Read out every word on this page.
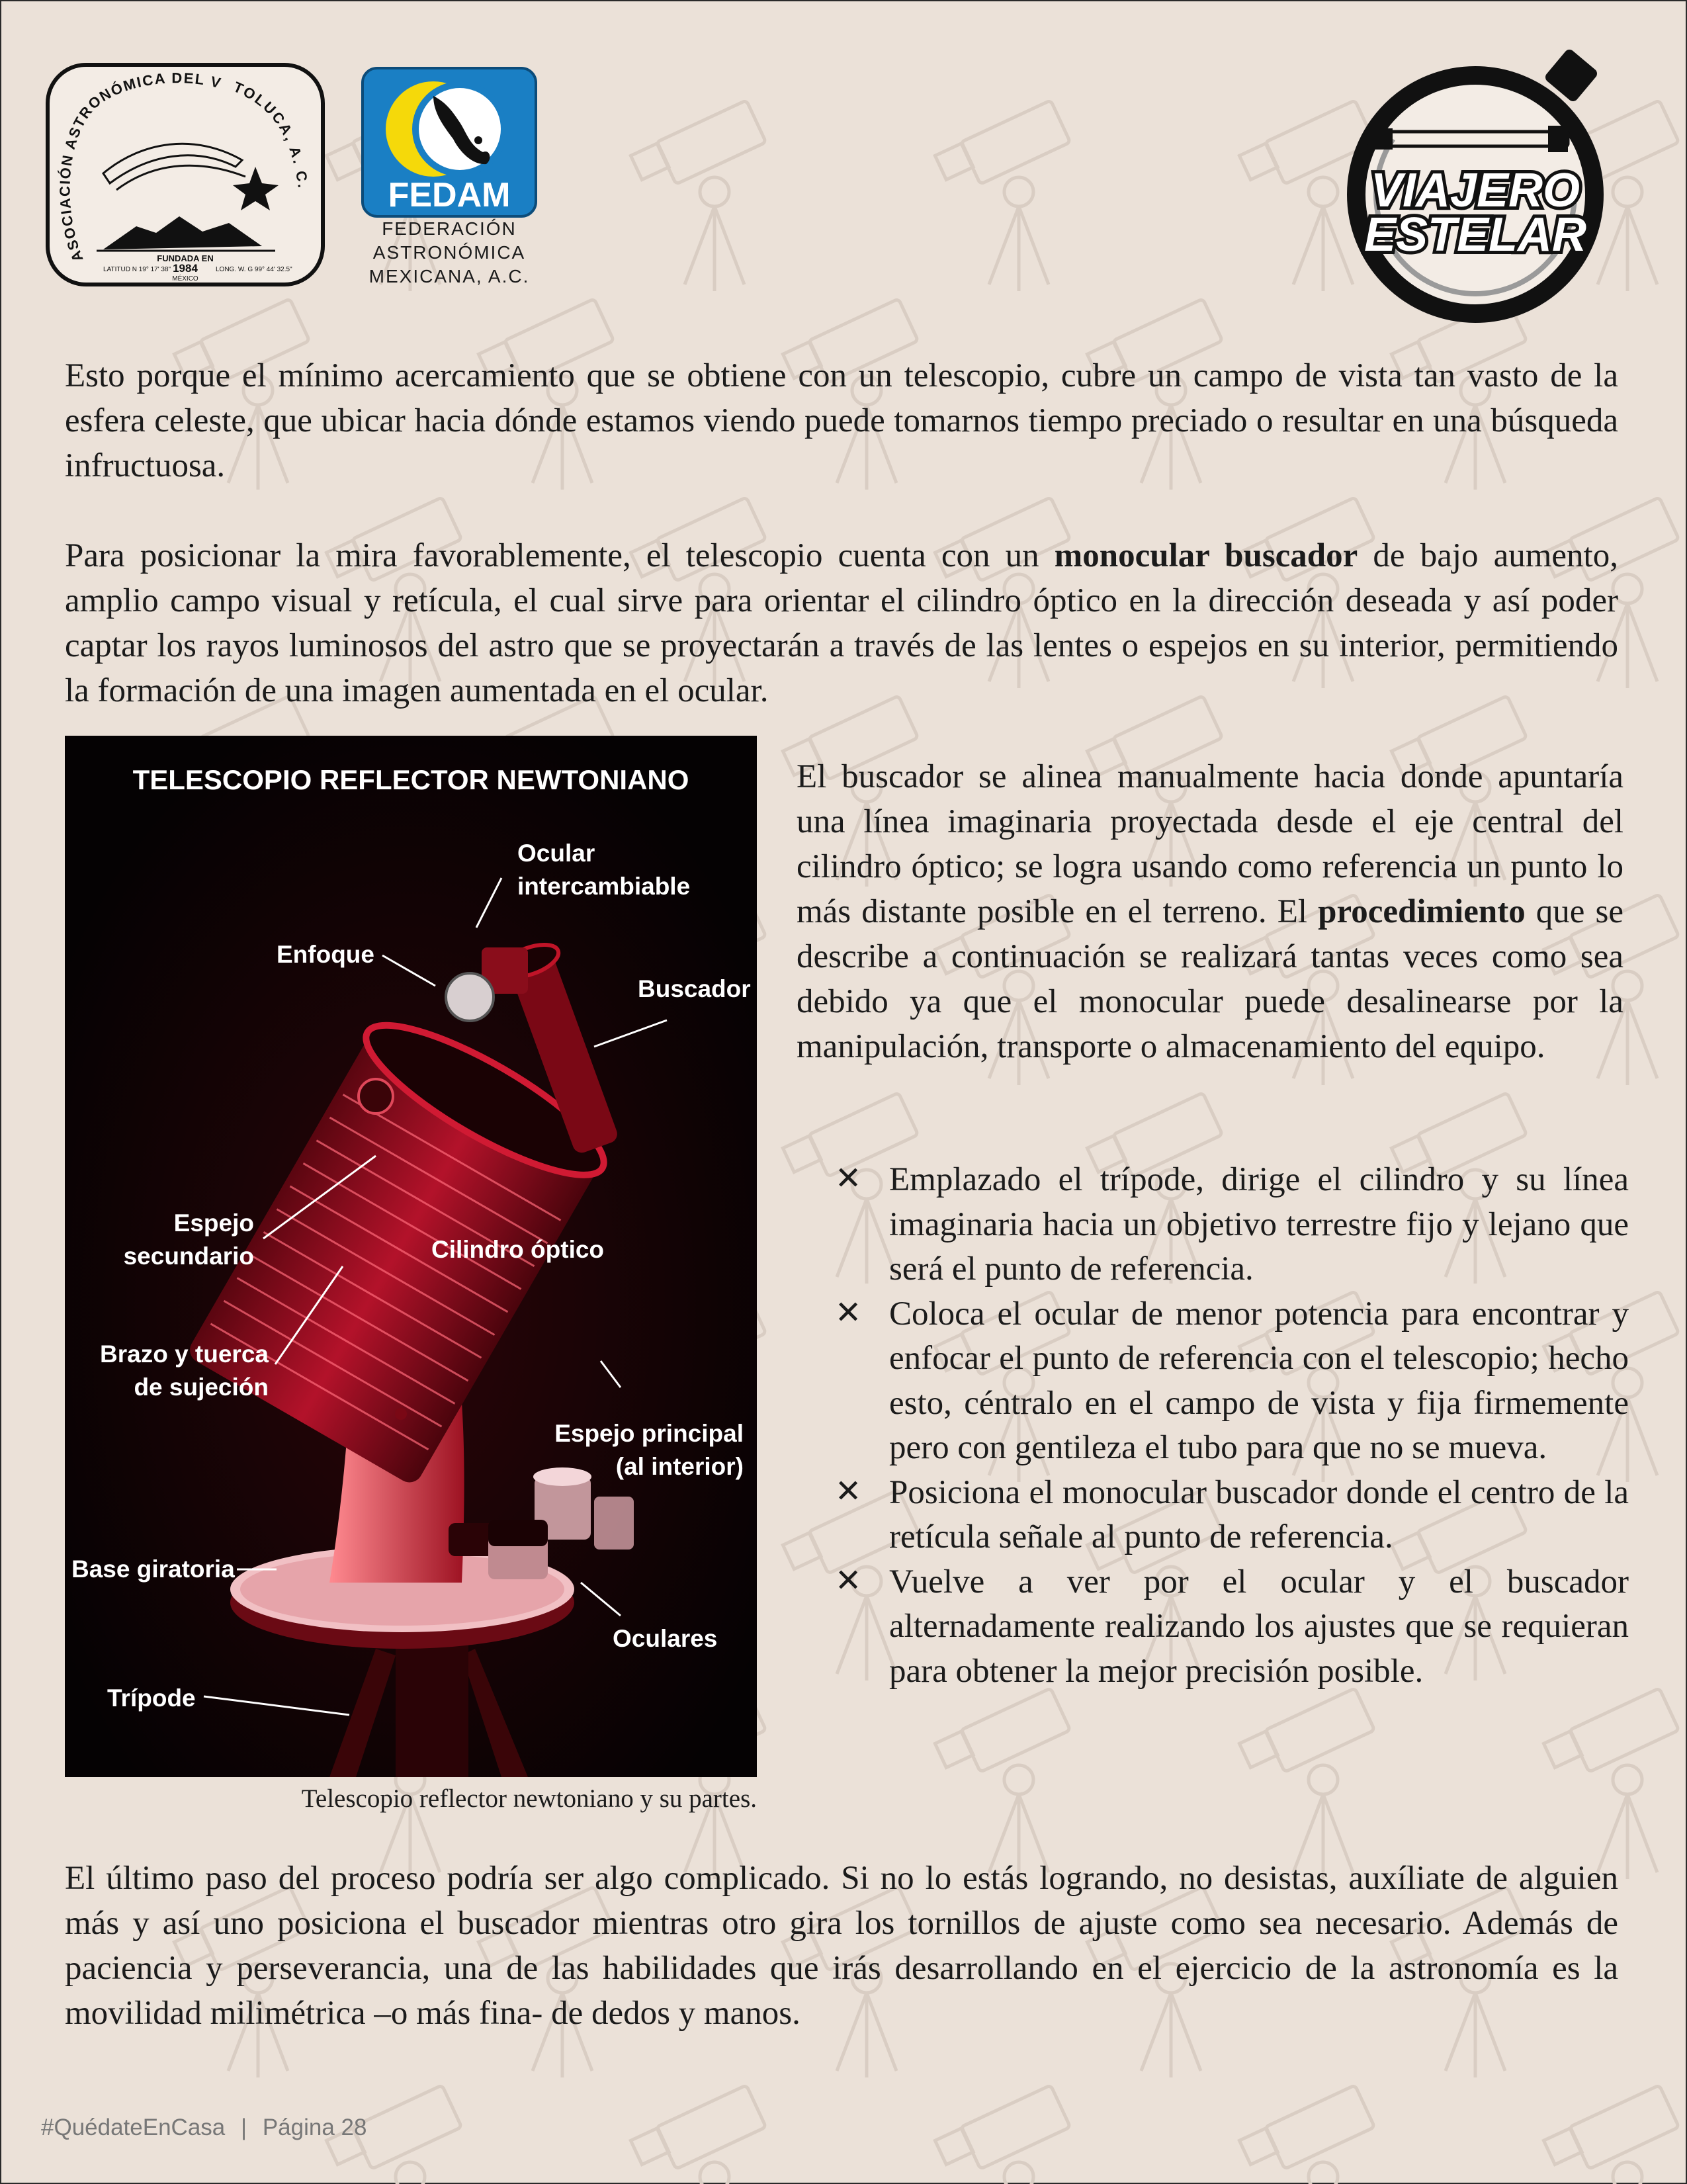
ASOCIACIÓN ASTRONÓMICA DEL V TOLUCA, A. C.
FUNDADA EN
1984
MÉXICO
LATITUD N 19° 17' 38"	LONG. W. G 99° 44' 32.5"
FEDAM
FEDERACIÓN
ASTRONÓMICA
MEXICANA, A.C.
VIAJERO
ESTELAR

Esto porque el mínimo acercamiento que se obtiene con un telescopio, cubre un campo de vista tan vasto de la esfera celeste, que ubicar hacia dónde estamos viendo puede tomarnos tiempo preciado o resultar en una búsqueda infructuosa.

Para posicionar la mira favorablemente, el telescopio cuenta con un monocular buscador de bajo aumento, amplio campo visual y retícula, el cual sirve para orientar el cilindro óptico en la dirección deseada y así poder captar los rayos luminosos del astro que se proyectarán a través de las lentes o espejos en su interior, permitiendo la formación de una imagen aumentada en el ocular.

TELESCOPIO REFLECTOR NEWTONIANO
Ocular
intercambiable
Enfoque
Buscador
Espejo
secundario	Cilindro óptico
Brazo y tuerca
de sujeción
Espejo principal
(al interior)
Base giratoria
Oculares
Trípode
Telescopio reflector newtoniano y su partes.

El buscador se alinea manualmente hacia donde apuntaría una línea imaginaria proyectada desde el eje central del cilindro óptico; se logra usando como referencia un punto lo más distante posible en el terreno. El procedimiento que se describe a continuación se realizará tantas veces como sea debido ya que el monocular puede desalinearse por la manipulación, transporte o almacenamiento del equipo.

✕ Emplazado el trípode, dirige el cilindro y su línea imaginaria hacia un objetivo terrestre fijo y lejano que será el punto de referencia.
✕ Coloca el ocular de menor potencia para encontrar y enfocar el punto de referencia con el telescopio; hecho esto, céntralo en el campo de vista y fija firmemente pero con gentileza el tubo para que no se mueva.
✕ Posiciona el monocular buscador donde el centro de la retícula señale al punto de referencia.
✕ Vuelve a ver por el ocular y el buscador alternadamente realizando los ajustes que se requieran para obtener la mejor precisión posible.

El último paso del proceso podría ser algo complicado. Si no lo estás logrando, no desistas, auxíliate de alguien más y así uno posiciona el buscador mientras otro gira los tornillos de ajuste como sea necesario. Además de paciencia y perseverancia, una de las habilidades que irás desarrollando en el ejercicio de la astronomía es la movilidad milimétrica –o más fina- de dedos y manos.

#QuédateEnCasa | Página 28
